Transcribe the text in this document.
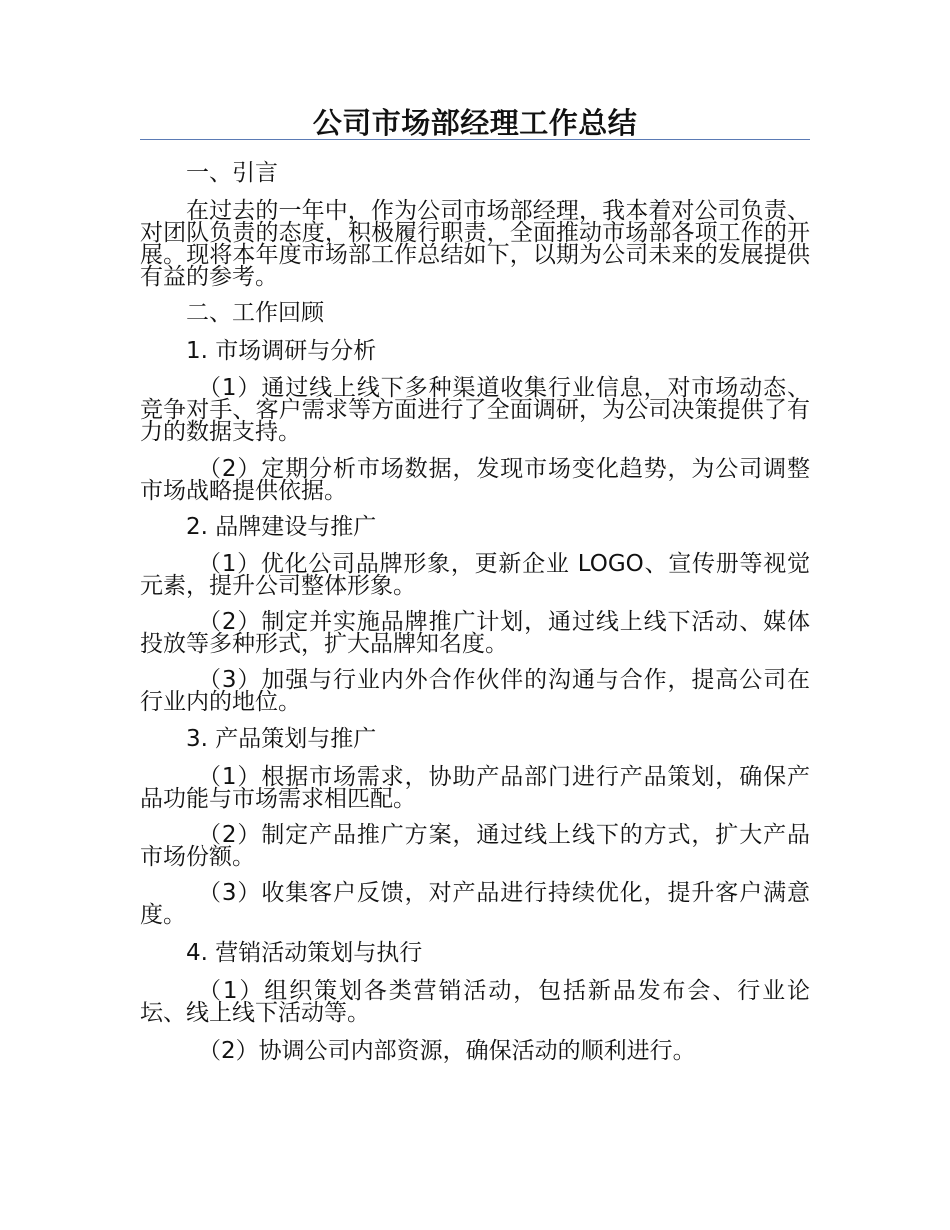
公司市场部经理工作总结

一、引言

在过去的一年中，作为公司市场部经理，我本着对公司负责、对团队负责的态度，积极履行职责，全面推动市场部各项工作的开展。现将本年度市场部工作总结如下，以期为公司未来的发展提供有益的参考。

二、工作回顾

1. 市场调研与分析

（1）通过线上线下多种渠道收集行业信息，对市场动态、竞争对手、客户需求等方面进行了全面调研，为公司决策提供了有力的数据支持。

（2）定期分析市场数据，发现市场变化趋势，为公司调整市场战略提供依据。

2. 品牌建设与推广

（1）优化公司品牌形象，更新企业 LOGO、宣传册等视觉元素，提升公司整体形象。

（2）制定并实施品牌推广计划，通过线上线下活动、媒体投放等多种形式，扩大品牌知名度。

（3）加强与行业内外合作伙伴的沟通与合作，提高公司在行业内的地位。

3. 产品策划与推广

（1）根据市场需求，协助产品部门进行产品策划，确保产品功能与市场需求相匹配。

（2）制定产品推广方案，通过线上线下的方式，扩大产品市场份额。

（3）收集客户反馈，对产品进行持续优化，提升客户满意度。

4. 营销活动策划与执行

（1）组织策划各类营销活动，包括新品发布会、行业论坛、线上线下活动等。

（2）协调公司内部资源，确保活动的顺利进行。
